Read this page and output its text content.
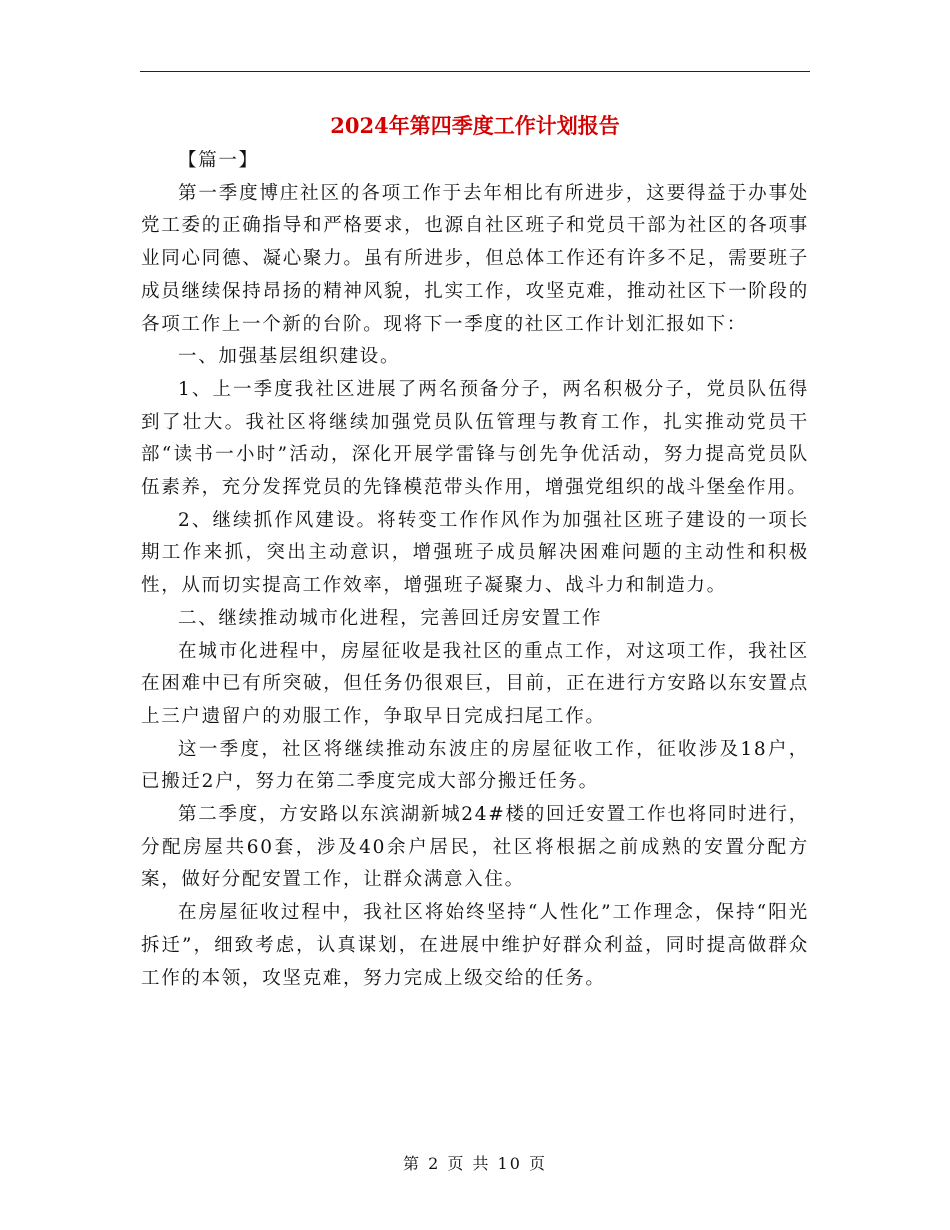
2024年第四季度工作计划报告

【篇一】

第一季度博庄社区的各项工作于去年相比有所进步，这要得益于办事处党工委的正确指导和严格要求，也源自社区班子和党员干部为社区的各项事业同心同德、凝心聚力。虽有所进步，但总体工作还有许多不足，需要班子成员继续保持昂扬的精神风貌，扎实工作，攻坚克难，推动社区下一阶段的各项工作上一个新的台阶。现将下一季度的社区工作计划汇报如下：

一、加强基层组织建设。

1、上一季度我社区进展了两名预备分子，两名积极分子，党员队伍得到了壮大。我社区将继续加强党员队伍管理与教育工作，扎实推动党员干部“读书一小时”活动，深化开展学雷锋与创先争优活动，努力提高党员队伍素养，充分发挥党员的先锋模范带头作用，增强党组织的战斗堡垒作用。

2、继续抓作风建设。将转变工作作风作为加强社区班子建设的一项长期工作来抓，突出主动意识，增强班子成员解决困难问题的主动性和积极性，从而切实提高工作效率，增强班子凝聚力、战斗力和制造力。

二、继续推动城市化进程，完善回迁房安置工作

在城市化进程中，房屋征收是我社区的重点工作，对这项工作，我社区在困难中已有所突破，但任务仍很艰巨，目前，正在进行方安路以东安置点上三户遗留户的劝服工作，争取早日完成扫尾工作。

这一季度，社区将继续推动东波庄的房屋征收工作，征收涉及18户，已搬迁2户，努力在第二季度完成大部分搬迁任务。

第二季度，方安路以东滨湖新城24#楼的回迁安置工作也将同时进行，分配房屋共60套，涉及40余户居民，社区将根据之前成熟的安置分配方案，做好分配安置工作，让群众满意入住。

在房屋征收过程中，我社区将始终坚持“人性化”工作理念，保持“阳光拆迁”，细致考虑，认真谋划，在进展中维护好群众利益，同时提高做群众工作的本领，攻坚克难，努力完成上级交给的任务。

第 2 页 共 10 页
